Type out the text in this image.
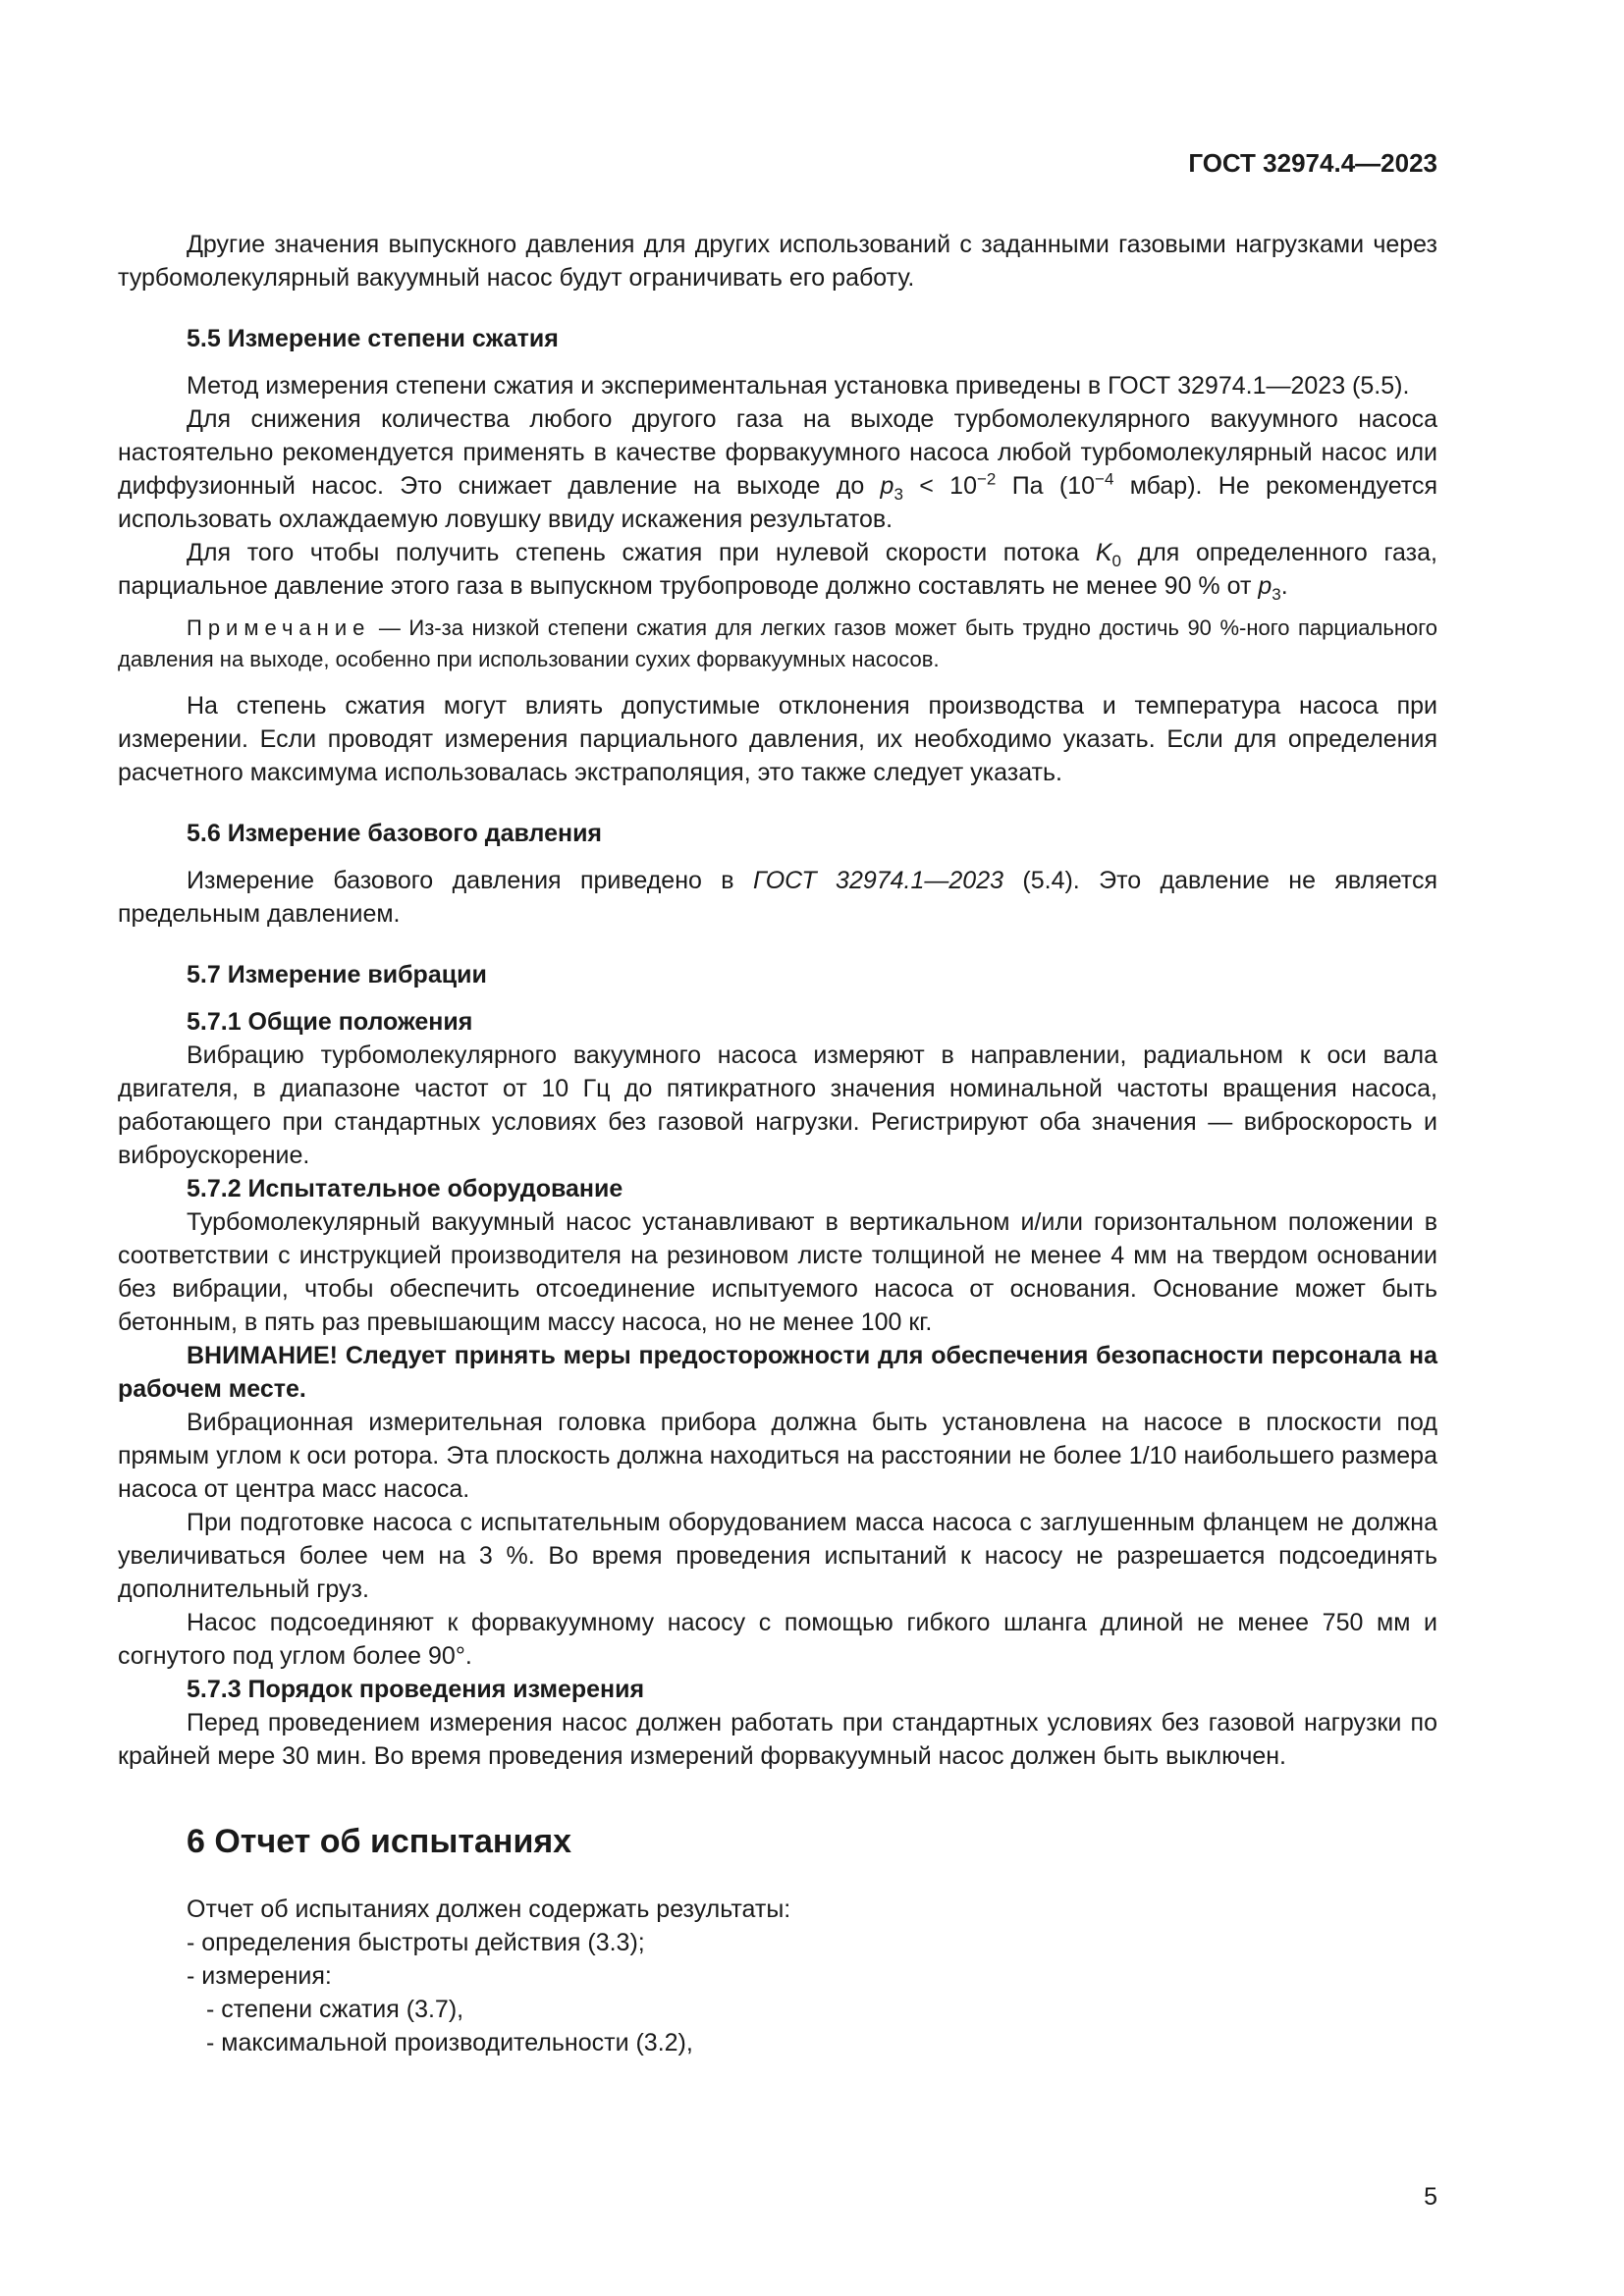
ГОСТ 32974.4—2023

Другие значения выпускного давления для других использований с заданными газовыми нагрузками через турбомолекулярный вакуумный насос будут ограничивать его работу.

5.5 Измерение степени сжатия

Метод измерения степени сжатия и экспериментальная установка приведены в ГОСТ 32974.1—2023 (5.5).

Для снижения количества любого другого газа на выходе турбомолекулярного вакуумного насоса настоятельно рекомендуется применять в качестве форвакуумного насоса любой турбомолекулярный насос или диффузионный насос. Это снижает давление на выходе до $p_3 < 10^{-2}$ Па ($10^{-4}$ мбар). Не рекомендуется использовать охлаждаемую ловушку ввиду искажения результатов.

Для того чтобы получить степень сжатия при нулевой скорости потока $K_0$ для определенного газа, парциальное давление этого газа в выпускном трубопроводе должно составлять не менее 90 % от $p_3$.

Примечание — Из-за низкой степени сжатия для легких газов может быть трудно достичь 90 %-ного парциального давления на выходе, особенно при использовании сухих форвакуумных насосов.

На степень сжатия могут влиять допустимые отклонения производства и температура насоса при измерении. Если проводят измерения парциального давления, их необходимо указать. Если для определения расчетного максимума использовалась экстраполяция, это также следует указать.

5.6 Измерение базового давления

Измерение базового давления приведено в ГОСТ 32974.1—2023 (5.4). Это давление не является предельным давлением.

5.7 Измерение вибрации

5.7.1 Общие положения

Вибрацию турбомолекулярного вакуумного насоса измеряют в направлении, радиальном к оси вала двигателя, в диапазоне частот от 10 Гц до пятикратного значения номинальной частоты вращения насоса, работающего при стандартных условиях без газовой нагрузки. Регистрируют оба значения — виброскорость и виброускорение.

5.7.2 Испытательное оборудование

Турбомолекулярный вакуумный насос устанавливают в вертикальном и/или горизонтальном положении в соответствии с инструкцией производителя на резиновом листе толщиной не менее 4 мм на твердом основании без вибрации, чтобы обеспечить отсоединение испытуемого насоса от основания. Основание может быть бетонным, в пять раз превышающим массу насоса, но не менее 100 кг.

ВНИМАНИЕ! Следует принять меры предосторожности для обеспечения безопасности персонала на рабочем месте.

Вибрационная измерительная головка прибора должна быть установлена на насосе в плоскости под прямым углом к оси ротора. Эта плоскость должна находиться на расстоянии не более 1/10 наибольшего размера насоса от центра масс насоса.

При подготовке насоса с испытательным оборудованием масса насоса с заглушенным фланцем не должна увеличиваться более чем на 3 %. Во время проведения испытаний к насосу не разрешается подсоединять дополнительный груз.

Насос подсоединяют к форвакуумному насосу с помощью гибкого шланга длиной не менее 750 мм и согнутого под углом более 90°.

5.7.3 Порядок проведения измерения

Перед проведением измерения насос должен работать при стандартных условиях без газовой нагрузки по крайней мере 30 мин. Во время проведения измерений форвакуумный насос должен быть выключен.

6 Отчет об испытаниях

Отчет об испытаниях должен содержать результаты:

- определения быстроты действия (3.3);

- измерения:

- степени сжатия (3.7),

- максимальной производительности (3.2),

5
